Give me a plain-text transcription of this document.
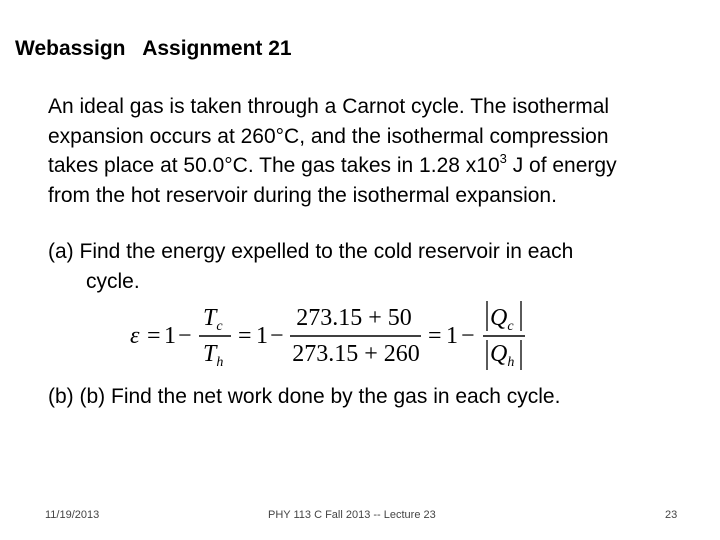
Webassign   Assignment 21
An ideal gas is taken through a Carnot cycle. The isothermal
expansion occurs at 260°C, and the isothermal compression
takes place at 50.0°C. The gas takes in 1.28 $x10^3$ J of energy
from the hot reservoir during the isothermal expansion.
(a) Find the energy expelled to the cold reservoir in each
cycle.
ε = 1 −
$T_c$
$T_h$
= 1 −
273.15 + 50
273.15 + 260
= 1 −
$Q_c$
$Q_h$
(b) (b) Find the net work done by the gas in each cycle.
11/19/2013	PHY 113 C Fall 2013 -- Lecture 23	23
